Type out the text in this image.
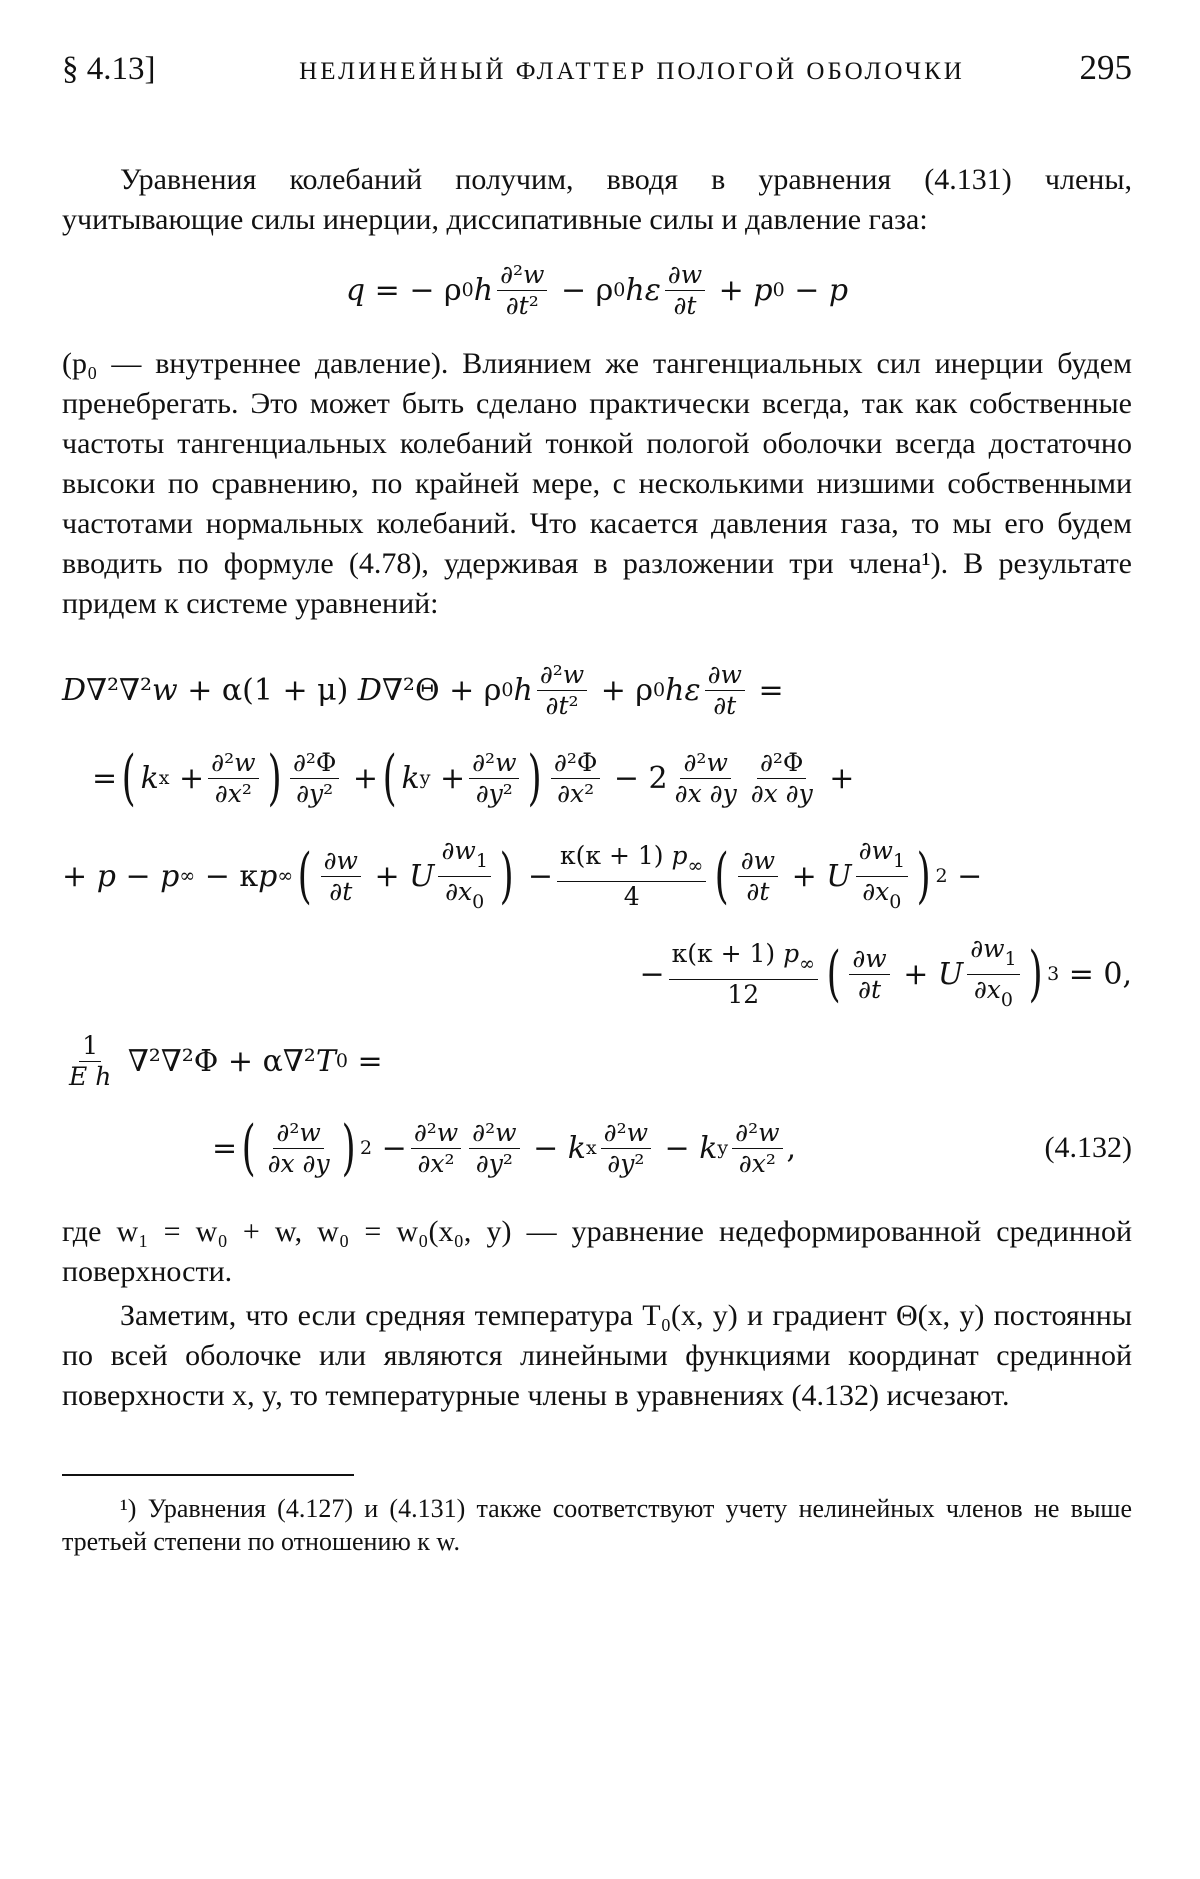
§ 4.13]	НЕЛИНЕЙНЫЙ ФЛАТТЕР ПОЛОГОЙ ОБОЛОЧКИ	295

Уравнения колебаний получим, вводя в уравнения (4.131) члены, учитывающие силы инерции, диссипативные силы и давление газа:

q = − ρ 0 h $\frac{\text{∂²w}}{\text{∂t²}} - \rho$ 0 hε $\frac{\partial w}{\partial t} + p$ 0 − p

(p₀ — внутреннее давление). Влиянием же тангенциальных сил инерции будем пренебрегать. Это может быть сделано практически всегда, так как собственные частоты тангенциальных колебаний тонкой пологой оболочки всегда достаточно высоки по сравнению, по крайней мере, с несколькими низшими собственными частотами нормальных колебаний. Что касается давления газа, то мы его будем вводить по формуле (4.78), удерживая в разложении три члена¹). В результате придем к системе уравнений:

D ∇²∇² w + α(1 + μ) D ∇²Θ + ρ 0 h $\frac{\text{∂²w}}{\text{∂t²}} + \rho$ 0 hε $\frac{\partial w}{\partial t}$ =
= ( k $x + \frac{\text{∂²w}}{\text{∂x²}}$ ) $\frac{\text{∂²Φ}}{\text{∂y²}}$ + ( k $y + \frac{\text{∂²w}}{\text{∂y²}}$ ) $\frac{\text{∂²Φ}}{\text{∂x²}} - 2 \frac{\text{∂²w}}{\partial x \partial y} \frac{\text{∂²Φ}}{\partial x \partial y}$ +
+ p − p ∞ − κ p ∞ ( $\frac{\partial w}{\partial t} + U \frac{\partial w_1}{\partial x_0}$ ) − $\frac{\kappa(\kappa + 1) p_\infty}{4}$ ( $\frac{\partial w}{\partial t} + U \frac{\partial w_1}{\partial x_0}$ ) 2 −
− $\frac{\kappa(\kappa + 1) p_\infty}{12}$ ( $\frac{\partial w}{\partial t} + U \frac{\partial w_1}{\partial x_0}$ ) 3 = 0,
$\frac{1}{\text{E h}} \nabla^2\nabla^2\Phi + \alpha\nabla^2$ T 0 =
= ( $\frac{\text{∂²w}}{\partial x \partial y}$ ) $2 - \frac{\text{∂²w}}{\text{∂x²}} \frac{\text{∂²w}}{\text{∂y²}} - k$ x $\frac{\text{∂²w}}{\text{∂y²}} - k$ y $\frac{\text{∂²w}}{\text{∂x²}}$ ,	(4.132)

где w₁ = w₀ + w, w₀ = w₀(x₀, y) — уравнение недеформированной срединной поверхности.

Заметим, что если средняя температура T₀(x, y) и градиент Θ(x, y) постоянны по всей оболочке или являются линейными функциями координат срединной поверхности x, y, то температурные члены в уравнениях (4.132) исчезают.

¹) Уравнения (4.127) и (4.131) также соответствуют учету нелинейных членов не выше третьей степени по отношению к w.
